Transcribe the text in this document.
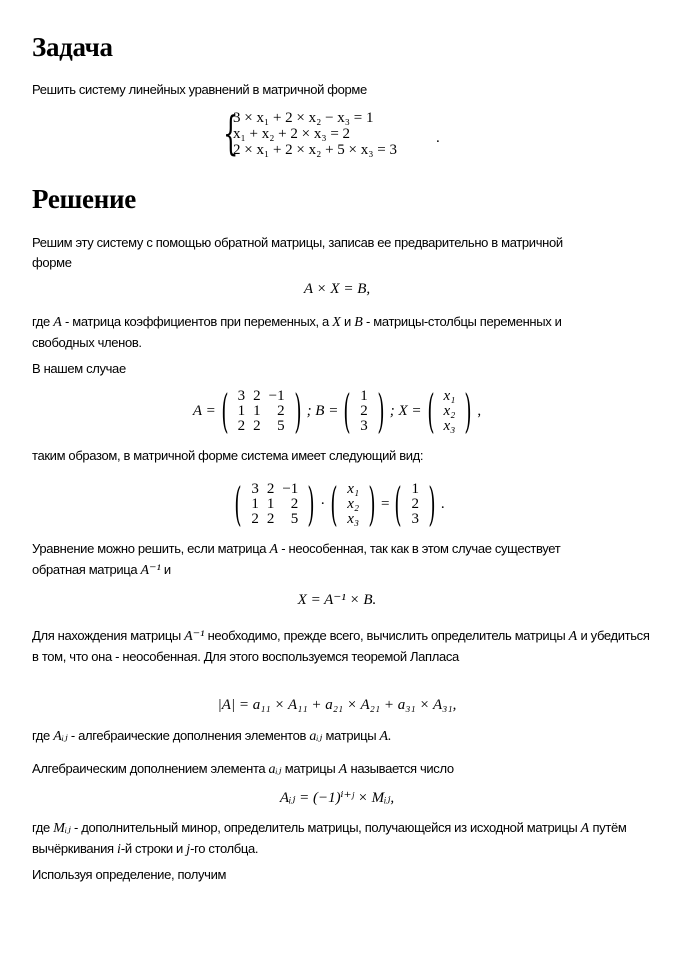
Задача

Решить систему линейных уравнений в матричной форме

{
3 × x₁ + 2 × x₂ − x₃ = 1
x₁ + x₂ + 2 × x₃ = 2
2 × x₁ + 2 × x₂ + 5 × x₃ = 3
.
Решение

Решим эту систему с помощью обратной матрицы, записав ее предварительно в матричной форме

A × X = B,

где A - матрица коэффициентов при переменных, а X и B - матрицы-столбцы переменных и свободных членов.

В нашем случае

A = ( 3 2 −1
1 1	2
2 2	5 ) ; B = ( 1
2
3 ) ; X = ( x₁
x₂
x₃ ) ,

таким образом, в матричной форме система имеет следующий вид:

( 3 2 −1
1 1	2
2 2	5 ) · ( x₁
x₂
x₃ ) = ( 1
2
3 ) .

Уравнение можно решить, если матрица A - неособенная, так как в этом случае существует обратная матрица A⁻¹ и

X = A⁻¹ × B.

Для нахождения матрицы A⁻¹ необходимо, прежде всего, вычислить определитель матрицы A и убедиться в том, что она - неособенная. Для этого воспользуемся теоремой Лапласа

|A| = a₁₁ × A₁₁ + a₂₁ × A₂₁ + a₃₁ × A₃₁,

где Aᵢⱼ - алгебраические дополнения элементов aᵢⱼ матрицы A.

Алгебраическим дополнением элемента aᵢⱼ матрицы A называется число

Aᵢⱼ = (−1)ⁱ⁺ʲ × Mᵢⱼ,

где Mᵢⱼ - дополнительный минор, определитель матрицы, получающейся из исходной матрицы A путём вычёркивания i-й строки и j-го столбца.

Используя определение, получим
